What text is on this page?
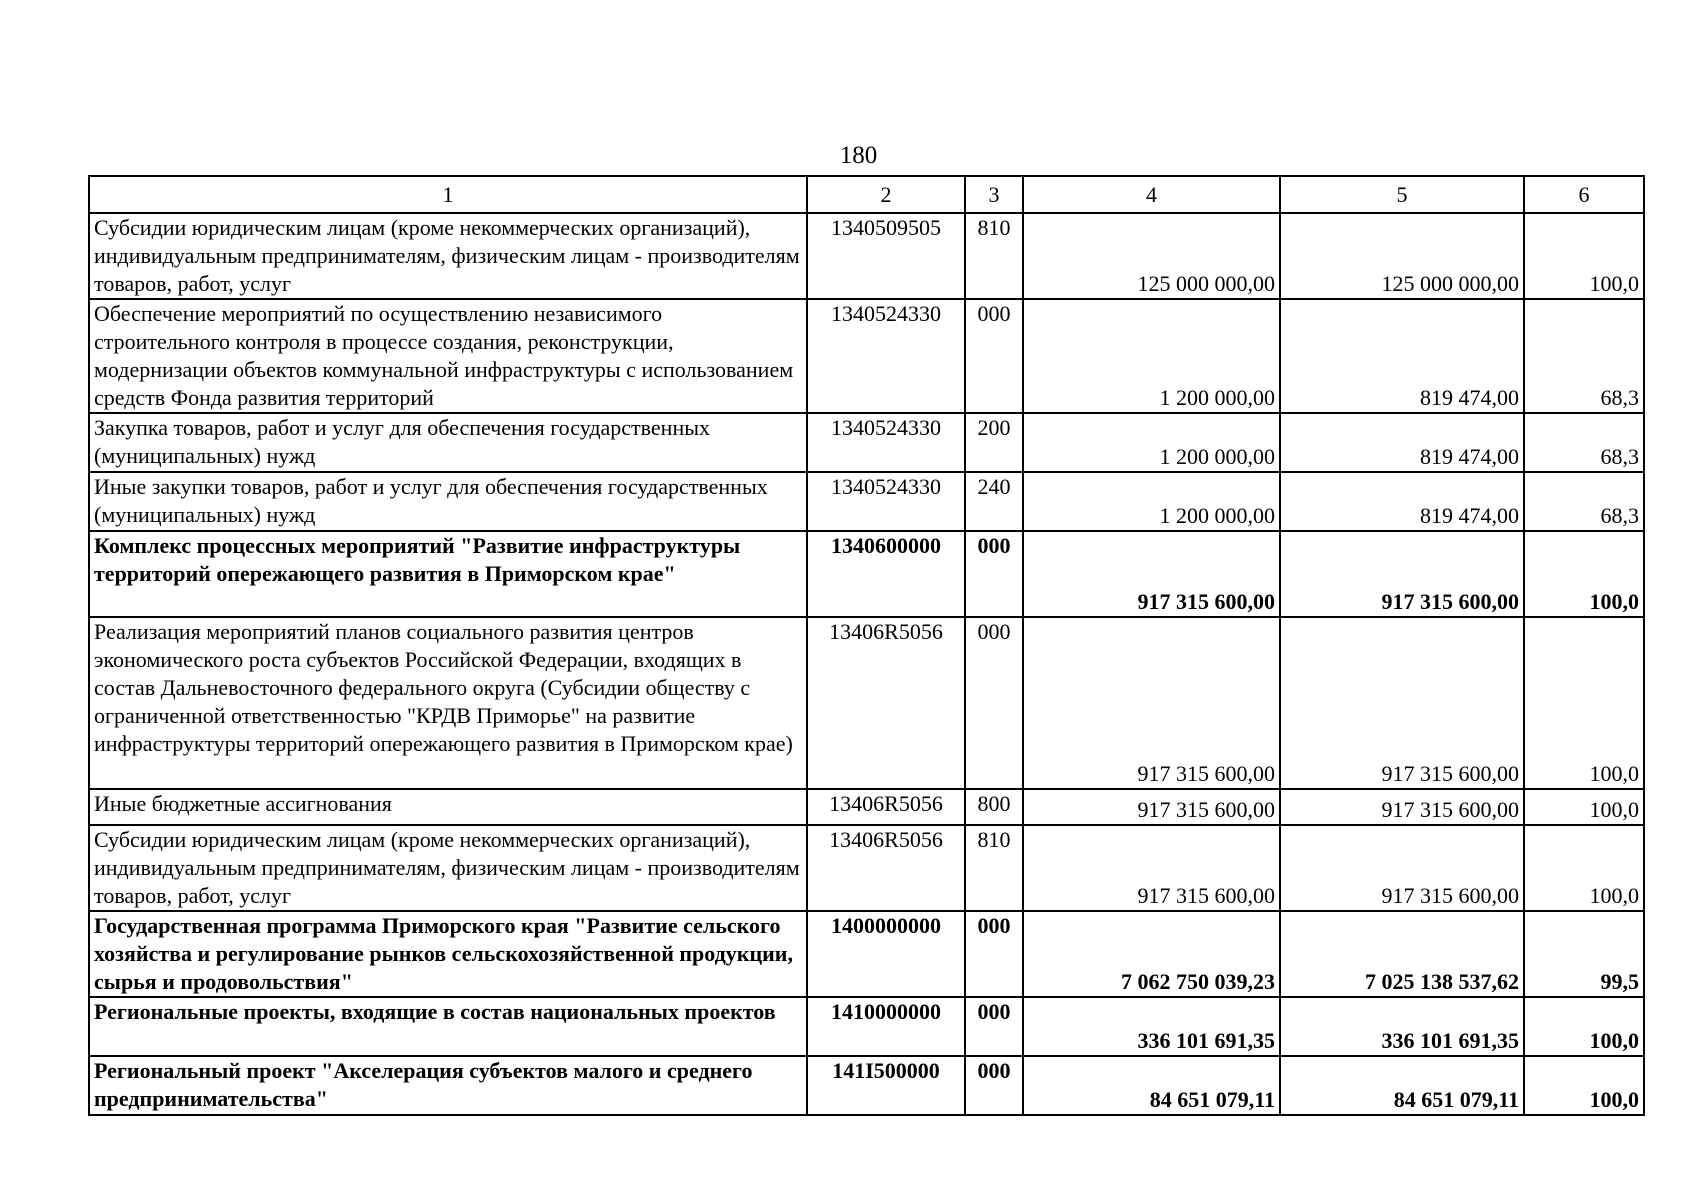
180
1	2	3	4	5	6
Субсидии юридическим лицам (кроме некоммерческих организаций), индивидуальным предпринимателям, физическим лицам - производителям товаров, работ, услуг	1340509505	810	125 000 000,00	125 000 000,00	100,0
Обеспечение мероприятий по осуществлению независимого строительного контроля в процессе создания, реконструкции, модернизации объектов коммунальной инфраструктуры с использованием средств Фонда развития территорий	1340524330	000	1 200 000,00	819 474,00	68,3
Закупка товаров, работ и услуг для обеспечения государственных (муниципальных) нужд	1340524330	200	1 200 000,00	819 474,00	68,3
Иные закупки товаров, работ и услуг для обеспечения государственных (муниципальных) нужд	1340524330	240	1 200 000,00	819 474,00	68,3
Комплекс процессных мероприятий "Развитие инфраструктуры территорий опережающего развития в Приморском крае"	1340600000	000	917 315 600,00	917 315 600,00	100,0
Реализация мероприятий планов социального развития центров экономического роста субъектов Российской Федерации, входящих в состав Дальневосточного федерального округа (Субсидии обществу с ограниченной ответственностью "КРДВ Приморье" на развитие инфраструктуры территорий опережающего развития в Приморском крае)	13406R5056	000	917 315 600,00	917 315 600,00	100,0
Иные бюджетные ассигнования	13406R5056	800	917 315 600,00	917 315 600,00	100,0
Субсидии юридическим лицам (кроме некоммерческих организаций), индивидуальным предпринимателям, физическим лицам - производителям товаров, работ, услуг	13406R5056	810	917 315 600,00	917 315 600,00	100,0
Государственная программа Приморского края "Развитие сельского хозяйства и регулирование рынков сельскохозяйственной продукции, сырья и продовольствия"	1400000000	000	7 062 750 039,23	7 025 138 537,62	99,5
Региональные проекты, входящие в состав национальных проектов	1410000000	000	336 101 691,35	336 101 691,35	100,0
Региональный проект "Акселерация субъектов малого и среднего предпринимательства"	141I500000	000	84 651 079,11	84 651 079,11	100,0
